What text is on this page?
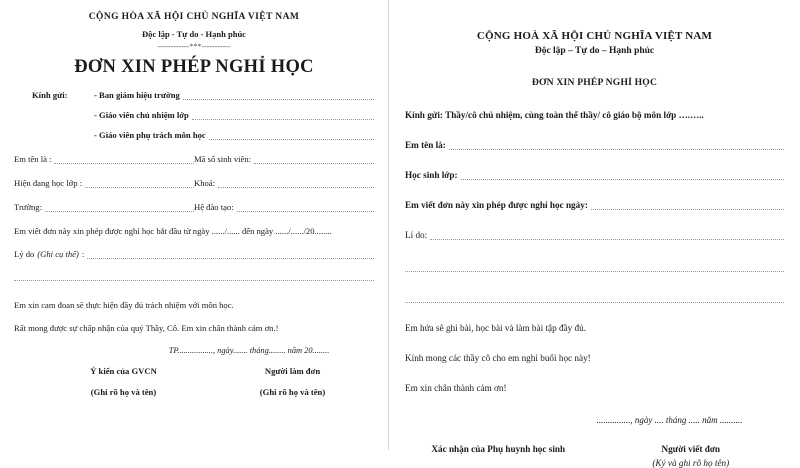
CỘNG HÒA XÃ HỘI CHỦ NGHĨA VIỆT NAM
Độc lập - Tự do - Hạnh phúc
------------***-----------
ĐƠN XIN PHÉP NGHỈ HỌC
Kính gửi:	- Ban giám hiệu trường
- Giáo viên chủ nhiệm lớp
- Giáo viên phụ trách môn học
Em tên là :	Mã số sinh viên:
Hiện đang học lớp :	Khoá:
Trường:	Hệ đào tạo:
Em viết đơn này xin phép được nghỉ học bắt đầu từ ngày ....../...... đến ngày ....../....../20........
Lý do (Ghi cụ thể) :
Em xin cam đoan sẽ thực hiện đầy đủ trách nhiệm với môn học.
Rất mong được sự chấp nhận của quý Thầy, Cô. Em xin chân thành cảm ơn.!
TP................., ngày....... tháng........ năm 20........
Ý kiến của GVCN
(Ghi rõ họ và tên)
Người làm đơn
(Ghi rõ họ và tên)
CỘNG HOÀ XÃ HỘI CHỦ NGHĨA VIỆT NAM
Độc lập – Tự do – Hạnh phúc
ĐƠN XIN PHÉP NGHỈ HỌC
Kính gửi: Thầy/cô chủ nhiệm, cùng toàn thể thầy/ cô giáo bộ môn lớp ….…..
Em tên là:
Học sinh lớp:
Em viết đơn này xin phép được nghỉ học ngày:
Lí do:
Em hứa sẽ ghi bài, học bài và làm bài tập đầy đủ.
Kính mong các thầy cô cho em nghỉ buổi học này!
Em xin chân thành cảm ơn!
..............., ngày .... tháng ..... năm ..........
Xác nhận của Phụ huynh học sinh	Người viết đơn
(Ký và ghi rõ họ tên)
